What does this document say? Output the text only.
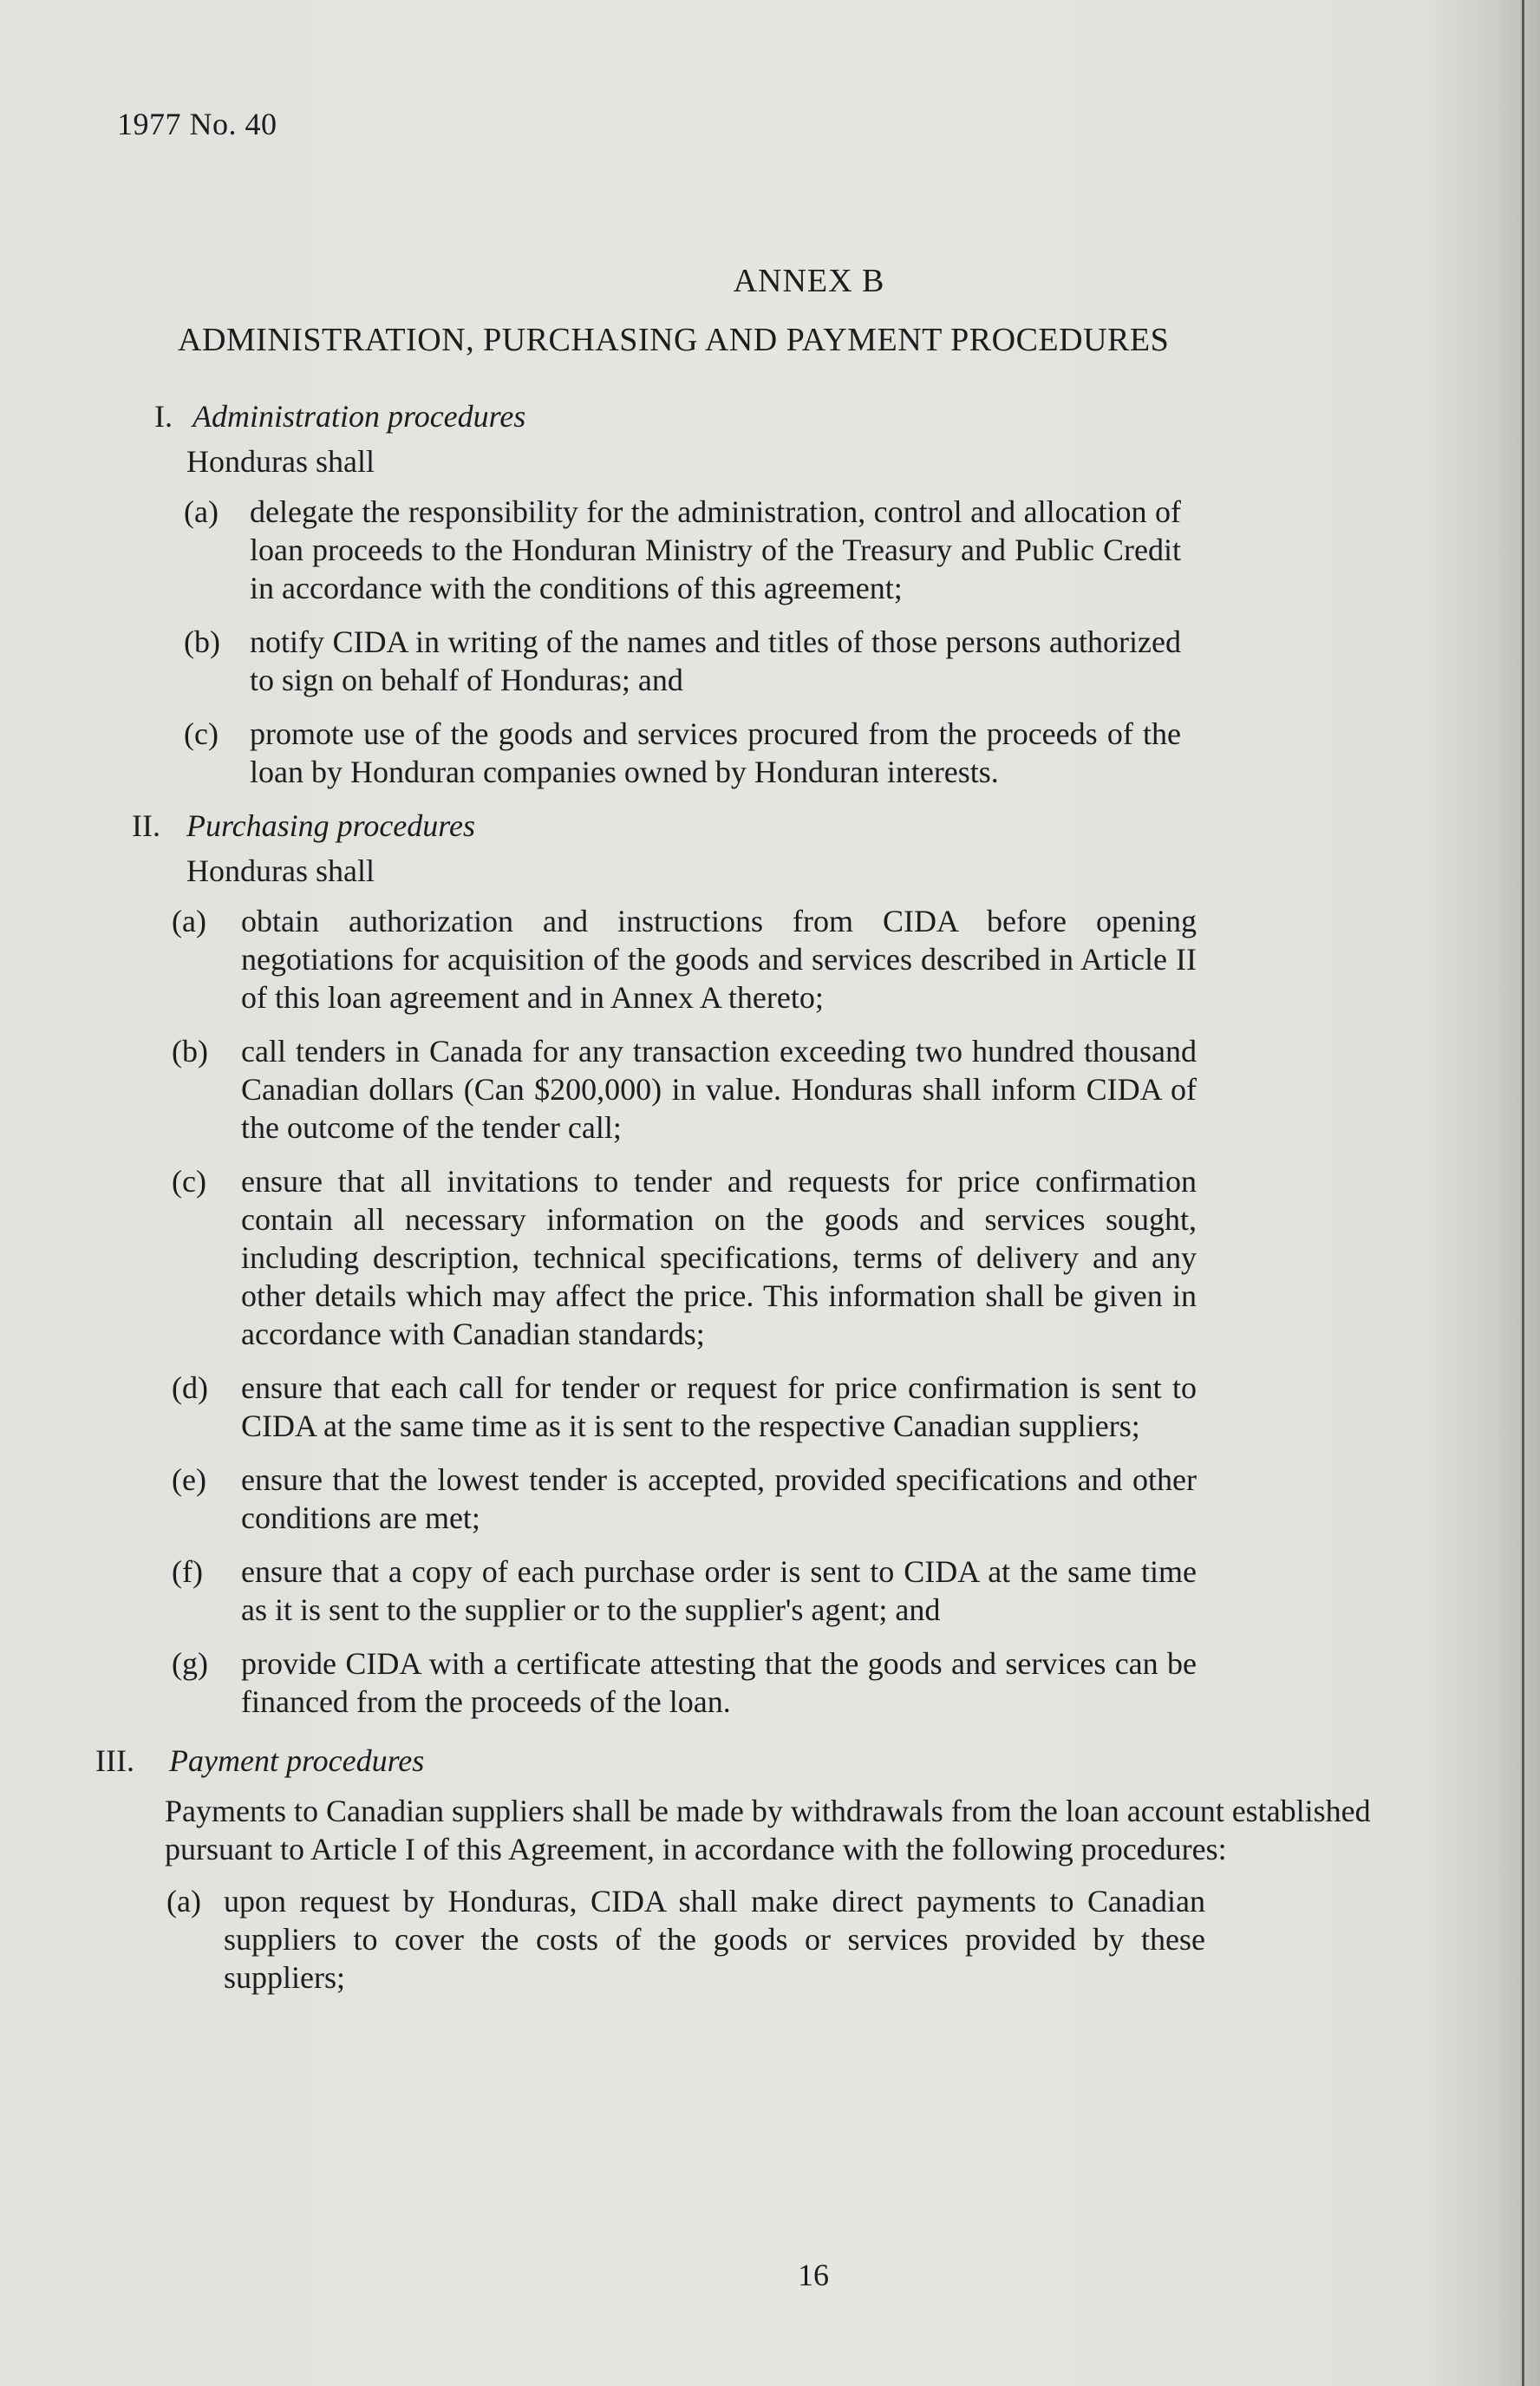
1977 No. 40
ANNEX B
ADMINISTRATION, PURCHASING AND PAYMENT PROCEDURES
I. Administration procedures
Honduras shall
(a)	delegate the responsibility for the administration, control and allocation of loan proceeds to the Honduran Ministry of the Treasury and Public Credit in accordance with the conditions of this agreement;
(b) notify CIDA in writing of the names and titles of those persons authorized to sign on behalf of Honduras; and
(c)	promote use of the goods and services procured from the proceeds of the loan by Honduran companies owned by Honduran interests.
II. Purchasing procedures
Honduras shall
(a)	obtain authorization and instructions from CIDA before opening negotiations for acquisition of the goods and services described in Article II of this loan agreement and in Annex A thereto;
(b)	call tenders in Canada for any transaction exceeding two hundred thousand Canadian dollars (Can $200,000) in value. Honduras shall inform CIDA of the outcome of the tender call;
(c)	ensure that all invitations to tender and requests for price confirmation contain all necessary information on the goods and services sought, including description, technical specifications, terms of delivery and any other details which may affect the price. This information shall be given in accordance with Canadian standards;
(d)	ensure that each call for tender or request for price confirmation is sent to CIDA at the same time as it is sent to the respective Canadian suppliers;
(e)	ensure that the lowest tender is accepted, provided specifications and other conditions are met;
(f)	ensure that a copy of each purchase order is sent to CIDA at the same time as it is sent to the supplier or to the supplier's agent; and
(g)	provide CIDA with a certificate attesting that the goods and services can be financed from the proceeds of the loan.
III. Payment procedures
Payments to Canadian suppliers shall be made by withdrawals from the loan account established pursuant to Article I of this Agreement, in accordance with the following procedures:
(a) upon request by Honduras, CIDA shall make direct payments to Canadian suppliers to cover the costs of the goods or services provided by these suppliers;
16
